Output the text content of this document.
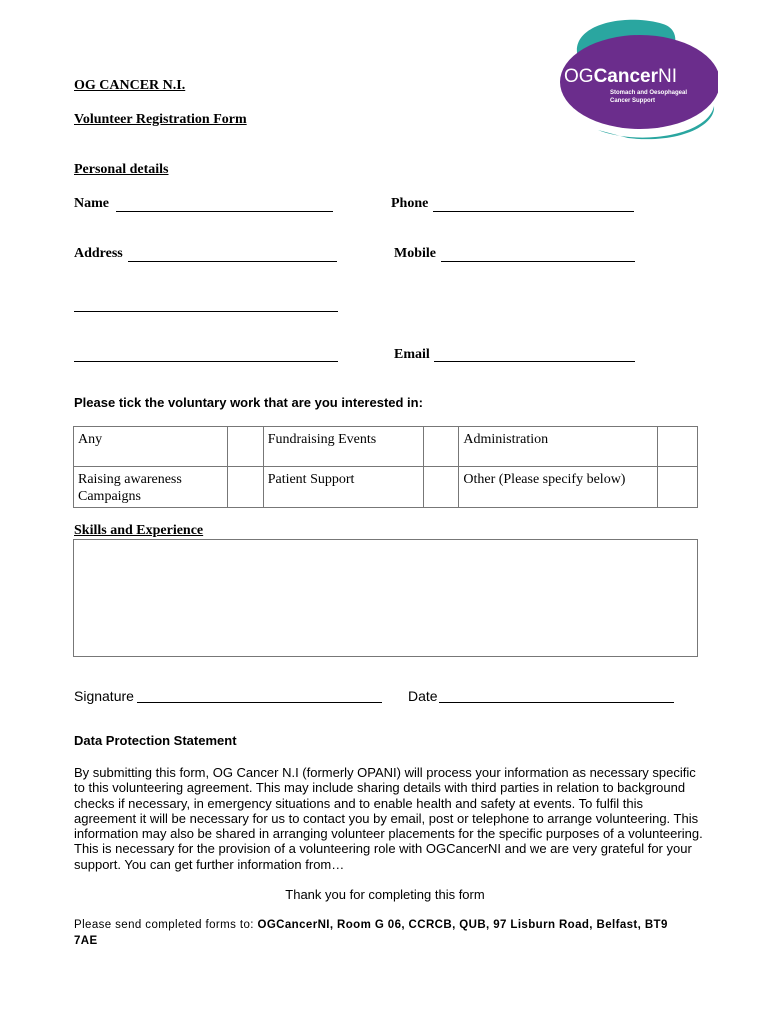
OGCancerNI
Stomach and Oesophageal
Cancer Support
OG CANCER N.I.
Volunteer Registration Form
Personal details
Name	Phone
Address	Mobile
Email
Please tick the voluntary work that are you interested in:
Any		Fundraising Events		Administration	
Raising awareness Campaigns		Patient Support		Other (Please specify below)	
Skills and Experience
Signature	Date
Data Protection Statement
By submitting this form, OG Cancer N.I (formerly OPANI) will process your information as necessary specific to this volunteering agreement. This may include sharing details with third parties in relation to background checks if necessary, in emergency situations and to enable health and safety at events. To fulfil this agreement it will be necessary for us to contact you by email, post or telephone to arrange volunteering. This information may also be shared in arranging volunteer placements for the specific purposes of a volunteering. This is necessary for the provision of a volunteering role with OGCancerNI and we are very grateful for your support. You can get further information from…
Thank you for completing this form
Please send completed forms to: OGCancerNI, Room G 06, CCRCB, QUB, 97 Lisburn Road, Belfast, BT9 7AE
